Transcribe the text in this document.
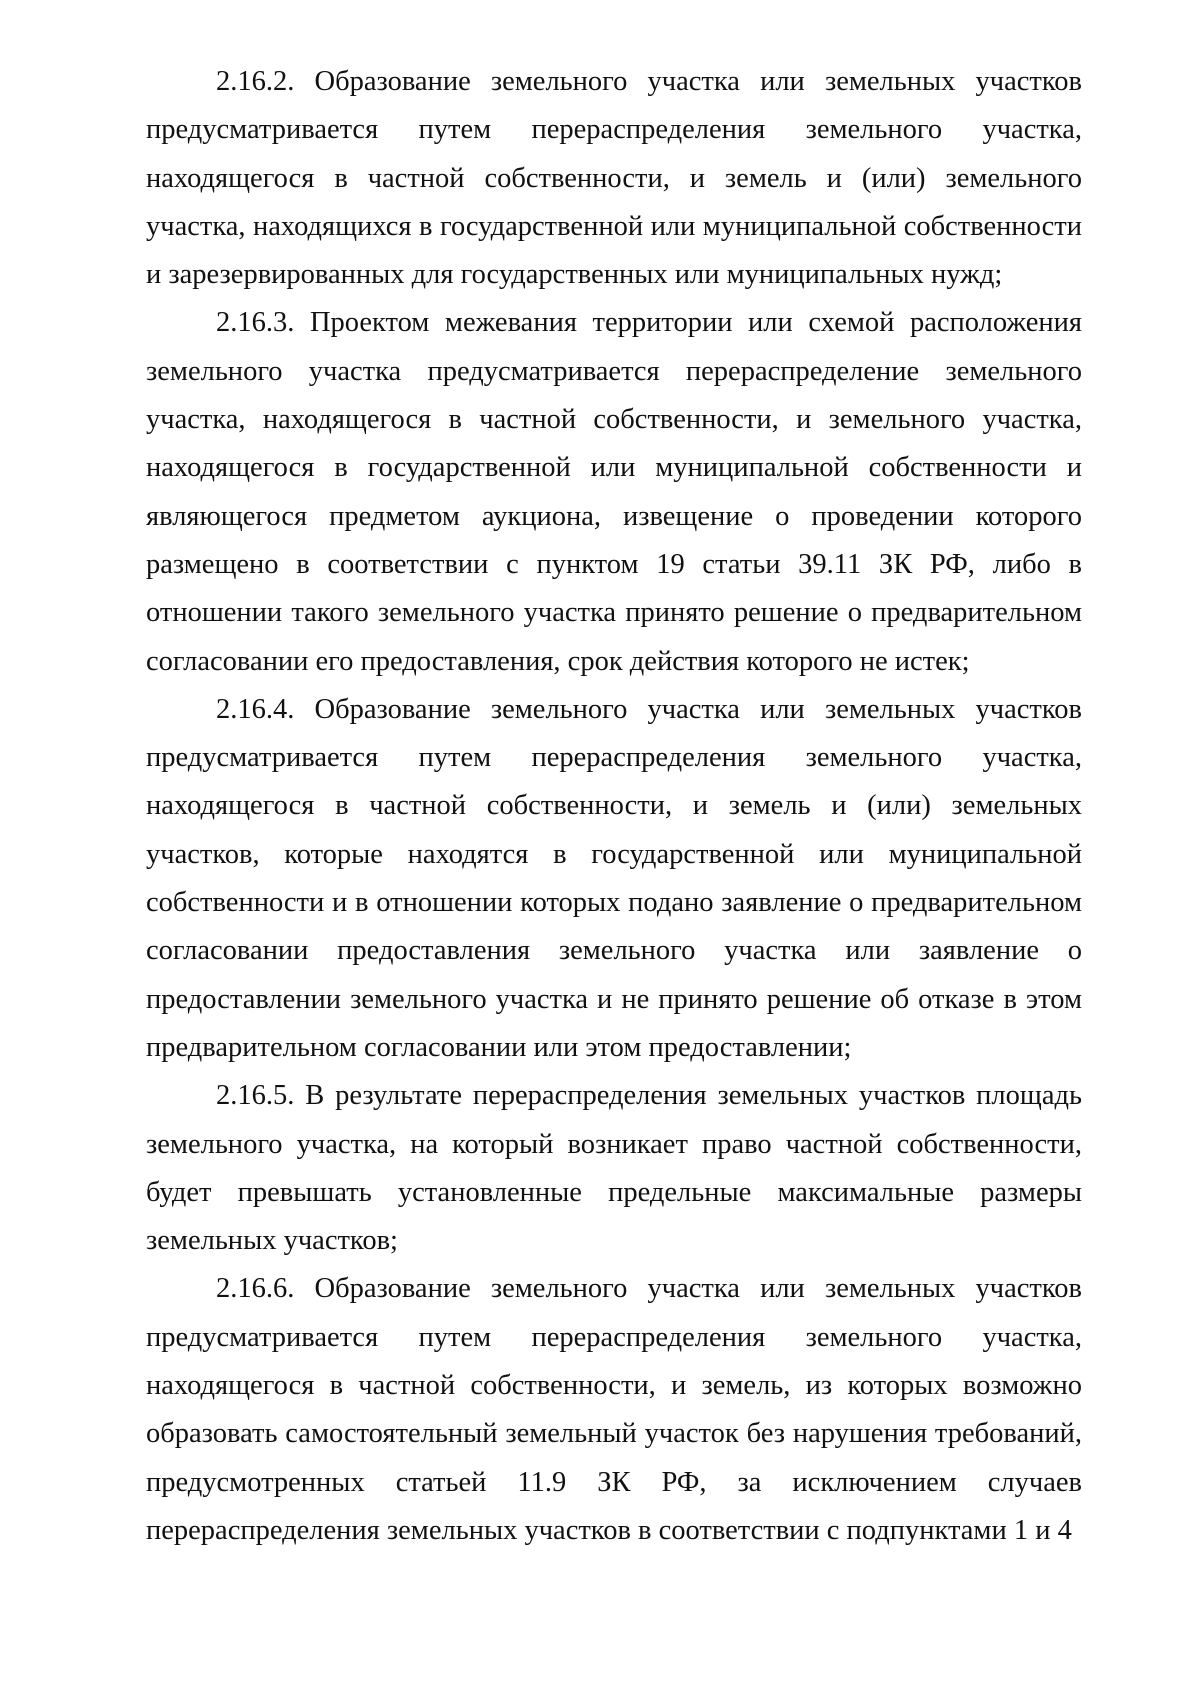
2.16.2. Образование земельного участка или земельных участков предусматривается путем перераспределения земельного участка, находящегося в частной собственности, и земель и (или) земельного участка, находящихся в государственной или муниципальной собственности и зарезервированных для государственных или муниципальных нужд;

2.16.3. Проектом межевания территории или схемой расположения земельного участка предусматривается перераспределение земельного участка, находящегося в частной собственности, и земельного участка, находящегося в государственной или муниципальной собственности и являющегося предметом аукциона, извещение о проведении которого размещено в соответствии с пунктом 19 статьи 39.11 ЗК РФ, либо в отношении такого земельного участка принято решение о предварительном согласовании его предоставления, срок действия которого не истек;

2.16.4. Образование земельного участка или земельных участков предусматривается путем перераспределения земельного участка, находящегося в частной собственности, и земель и (или) земельных участков, которые находятся в государственной или муниципальной собственности и в отношении которых подано заявление о предварительном согласовании предоставления земельного участка или заявление о предоставлении земельного участка и не принято решение об отказе в этом предварительном согласовании или этом предоставлении;

2.16.5. В результате перераспределения земельных участков площадь земельного участка, на который возникает право частной собственности, будет превышать установленные предельные максимальные размеры земельных участков;

2.16.6. Образование земельного участка или земельных участков предусматривается путем перераспределения земельного участка, находящегося в частной собственности, и земель, из которых возможно образовать самостоятельный земельный участок без нарушения требований, предусмотренных статьей 11.9 ЗК РФ, за исключением случаев перераспределения земельных участков в соответствии с подпунктами 1 и 4
